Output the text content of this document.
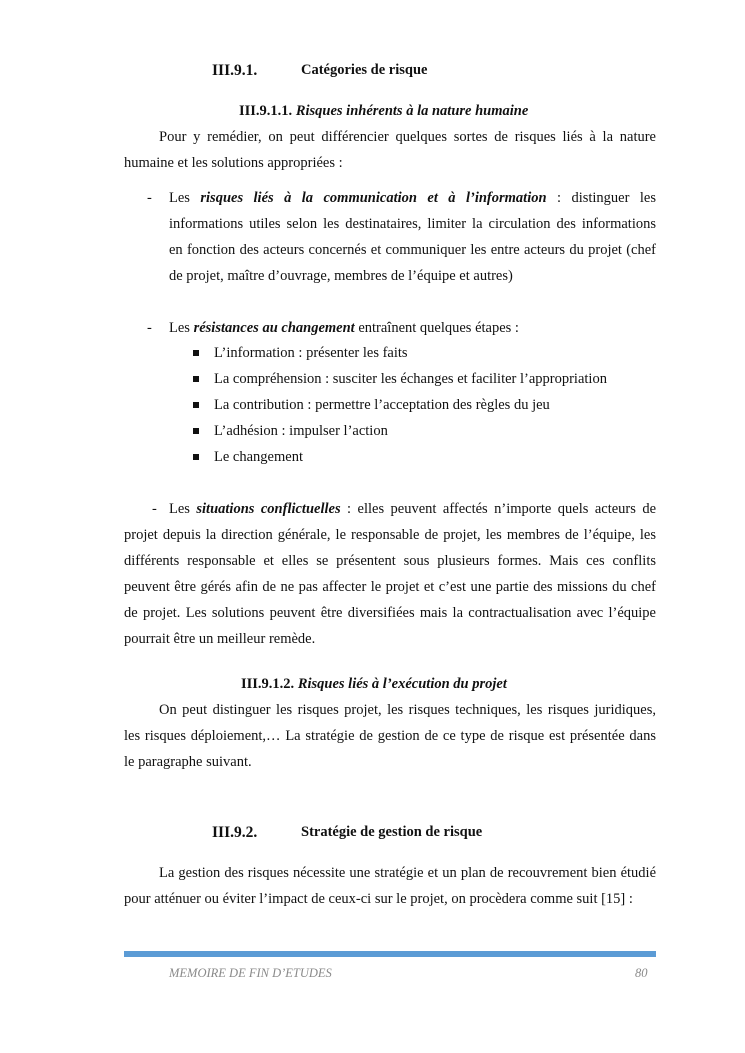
III.9.1.	Catégories de risque
III.9.1.1. Risques inhérents à la nature humaine
Pour y remédier, on peut différencier quelques sortes de risques liés à la nature
humaine et les solutions appropriées :
- Les risques liés à la communication et à l’information : distinguer les
informations utiles selon les destinataires, limiter la circulation des informations
en fonction des acteurs concernés et communiquer les entre acteurs du projet (chef
de projet, maître d’ouvrage, membres de l’équipe et autres)
- Les résistances au changement entraînent quelques étapes :
L’information : présenter les faits
La compréhension : susciter les échanges et faciliter l’appropriation
La contribution : permettre l’acceptation des règles du jeu
L’adhésion : impulser l’action
Le changement
- Les situations conflictuelles : elles peuvent affectés n’importe quels acteurs de
projet depuis la direction générale, le responsable de projet, les membres de l’équipe, les
différents responsable et elles se présentent sous plusieurs formes. Mais ces conflits
peuvent être gérés afin de ne pas affecter le projet et c’est une partie des missions du chef
de projet. Les solutions peuvent être diversifiées mais la contractualisation avec l’équipe
pourrait être un meilleur remède.
III.9.1.2. Risques liés à l’exécution du projet
On peut distinguer les risques projet, les risques techniques, les risques juridiques,
les risques déploiement,… La stratégie de gestion de ce type de risque est présentée dans
le paragraphe suivant.
III.9.2.	Stratégie de gestion de risque
La gestion des risques nécessite une stratégie et un plan de recouvrement bien étudié
pour atténuer ou éviter l’impact de ceux-ci sur le projet, on procèdera comme suit [15] :
MEMOIRE DE FIN D’ETUDES	80
